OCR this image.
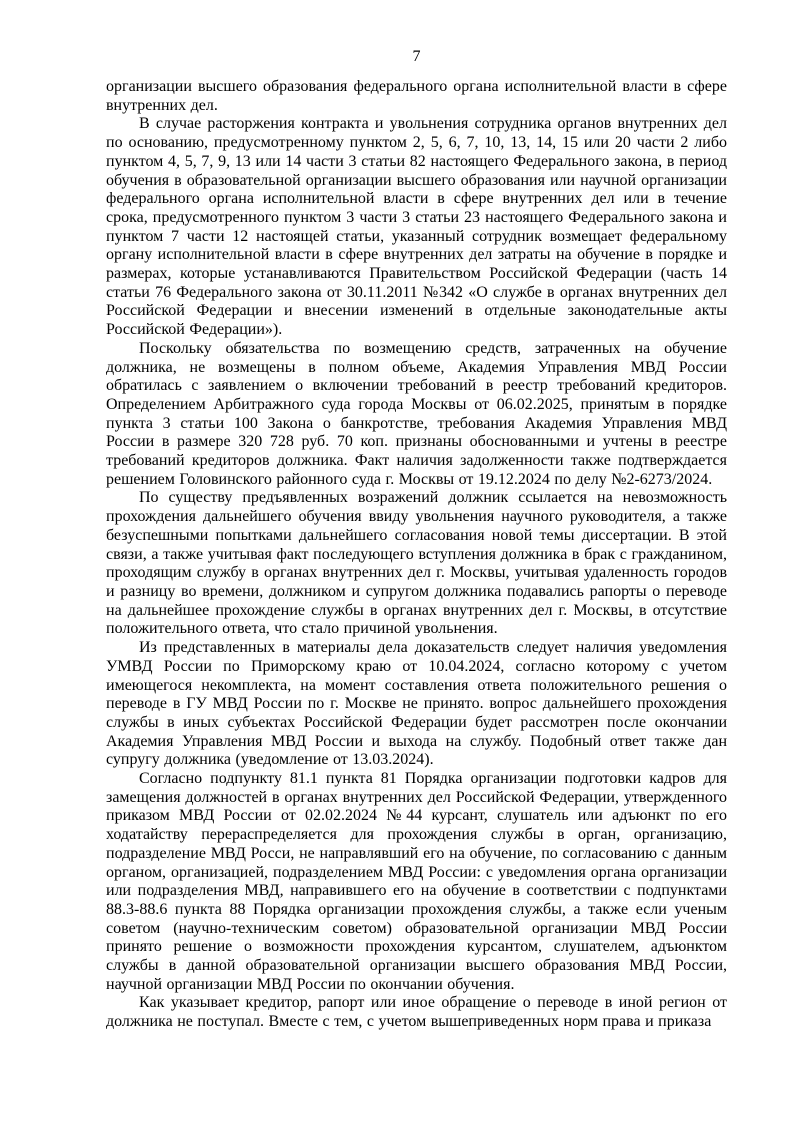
7

организации высшего образования федерального органа исполнительной власти в сфере внутренних дел.

В случае расторжения контракта и увольнения сотрудника органов внутренних дел по основанию, предусмотренному пунктом 2, 5, 6, 7, 10, 13, 14, 15 или 20 части 2 либо пунктом 4, 5, 7, 9, 13 или 14 части 3 статьи 82 настоящего Федерального закона, в период обучения в образовательной организации высшего образования или научной организации федерального органа исполнительной власти в сфере внутренних дел или в течение срока, предусмотренного пунктом 3 части 3 статьи 23 настоящего Федерального закона и пунктом 7 части 12 настоящей статьи, указанный сотрудник возмещает федеральному органу исполнительной власти в сфере внутренних дел затраты на обучение в порядке и размерах, которые устанавливаются Правительством Российской Федерации (часть 14 статьи 76 Федерального закона от 30.11.2011 №342 «О службе в органах внутренних дел Российской Федерации и внесении изменений в отдельные законодательные акты Российской Федерации»).

Поскольку обязательства по возмещению средств, затраченных на обучение должника, не возмещены в полном объеме, Академия Управления МВД России обратилась с заявлением о включении требований в реестр требований кредиторов. Определением Арбитражного суда города Москвы от 06.02.2025, принятым в порядке пункта 3 статьи 100 Закона о банкротстве, требования Академия Управления МВД России в размере 320 728 руб. 70 коп. признаны обоснованными и учтены в реестре требований кредиторов должника. Факт наличия задолженности также подтверждается решением Головинского районного суда г. Москвы от 19.12.2024 по делу №2-6273/2024.

По существу предъявленных возражений должник ссылается на невозможность прохождения дальнейшего обучения ввиду увольнения научного руководителя, а также безуспешными попытками дальнейшего согласования новой темы диссертации. В этой связи, а также учитывая факт последующего вступления должника в брак с гражданином, проходящим службу в органах внутренних дел г. Москвы, учитывая удаленность городов и разницу во времени, должником и супругом должника подавались рапорты о переводе на дальнейшее прохождение службы в органах внутренних дел г. Москвы, в отсутствие положительного ответа, что стало причиной увольнения.

Из представленных в материалы дела доказательств следует наличия уведомления УМВД России по Приморскому краю от 10.04.2024, согласно которому с учетом имеющегося некомплекта, на момент составления ответа положительного решения о переводе в ГУ МВД России по г. Москве не принято. вопрос дальнейшего прохождения службы в иных субъектах Российской Федерации будет рассмотрен после окончании Академия Управления МВД России и выхода на службу. Подобный ответ также дан супругу должника (уведомление от 13.03.2024).

Согласно подпункту 81.1 пункта 81 Порядка организации подготовки кадров для замещения должностей в органах внутренних дел Российской Федерации, утвержденного приказом МВД России от 02.02.2024 №44 курсант, слушатель или адъюнкт по его ходатайству перераспределяется для прохождения службы в орган, организацию, подразделение МВД Росси, не направлявший его на обучение, по согласованию с данным органом, организацией, подразделением МВД России: с уведомления органа организации или подразделения МВД, направившего его на обучение в соответствии с подпунктами 88.3-88.6 пункта 88 Порядка организации прохождения службы, а также если ученым советом (научно-техническим советом) образовательной организации МВД России принято решение о возможности прохождения курсантом, слушателем, адъюнктом службы в данной образовательной организации высшего образования МВД России, научной организации МВД России по окончании обучения.

Как указывает кредитор, рапорт или иное обращение о переводе в иной регион от должника не поступал. Вместе с тем, с учетом вышеприведенных норм права и приказа
